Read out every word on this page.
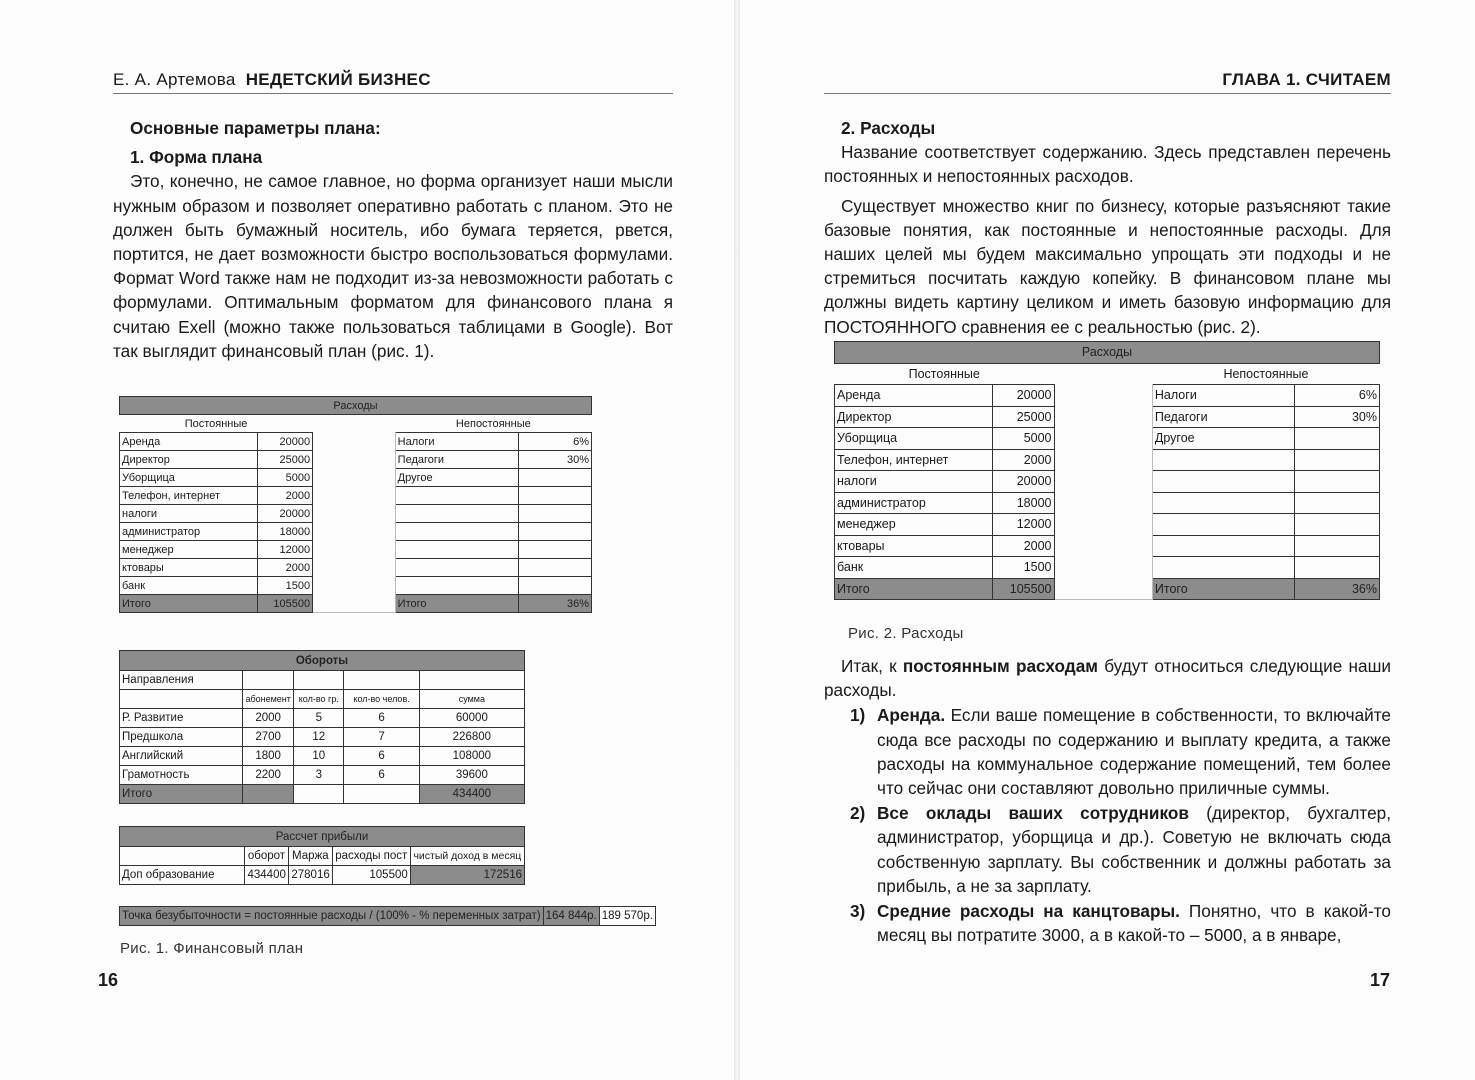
Е. А. Артемова НЕДЕТСКИЙ БИЗНЕС

Основные параметры плана:

1. Форма плана

Это, конечно, не самое главное, но форма организует наши мысли нужным образом и позволяет оперативно работать с планом. Это не должен быть бумажный носитель, ибо бумага теряется, рвется, портится, не дает возможности быстро воспользоваться формулами. Формат Word также нам не подходит из-за невозможности работать с формулами. Оптимальным форматом для финансового плана я считаю Exell (можно также пользоваться таблицами в Google). Вот так выглядит финансовый план (рис. 1).

Расходы				
Постоянные			Непостоянные	
Аренда	20000		Налоги	6%
Директор	25000		Педагоги	30%
Уборщица	5000		Другое	
Телефон, интернет	2000			
налоги	20000			
администратор	18000			
менеджер	12000			
ктовары	2000			
банк	1500			
Итого	105500		Итого	36%
Обороты				
Направления				
	абонемент	кол-во гр.	кол-во челов.	сумма
Р. Развитие	2000	5	6	60000
Предшкола	2700	12	7	226800
Английский	1800	10	6	108000
Грамотность	2200	3	6	39600
Итого				434400
Рассчет прибыли				
	оборот	Маржа	расходы пост	чистый доход в месяц
Доп образование	434400	278016	105500	172516
Точка безубыточности = постоянные расходы / (100% - % переменных затрат)	164 844р.	189 570р.
Рис. 1. Финансовый план
16
ГЛАВА 1. СЧИТАЕМ

2. Расходы

Название соответствует содержанию. Здесь представлен перечень постоянных и непостоянных расходов.

Существует множество книг по бизнесу, которые разъясняют такие базовые понятия, как постоянные и непостоянные расходы. Для наших целей мы будем максимально упрощать эти подходы и не стремиться посчитать каждую копейку. В финансовом плане мы должны видеть картину целиком и иметь базовую информацию для ПОСТОЯННОГО сравнения ее с реальностью (рис. 2).

Расходы				
Постоянные			Непостоянные	
Аренда	20000		Налоги	6%
Директор	25000		Педагоги	30%
Уборщица	5000		Другое	
Телефон, интернет	2000			
налоги	20000			
администратор	18000			
менеджер	12000			
ктовары	2000			
банк	1500			
Итого	105500		Итого	36%
Рис. 2. Расходы

Итак, к постоянным расходам будут относиться следующие наши расходы.

1) Аренда. Если ваше помещение в собственности, то включайте сюда все расходы по содержанию и выплату кредита, а также расходы на коммунальное содержание помещений, тем более что сейчас они составляют довольно приличные суммы.
2) Все оклады ваших сотрудников (директор, бухгалтер, администратор, уборщица и др.). Советую не включать сюда собственную зарплату. Вы собственник и должны работать за прибыль, а не за зарплату.
3) Средние расходы на канцтовары. Понятно, что в какой-то месяц вы потратите 3000, а в какой-то – 5000, а в январе,
17
